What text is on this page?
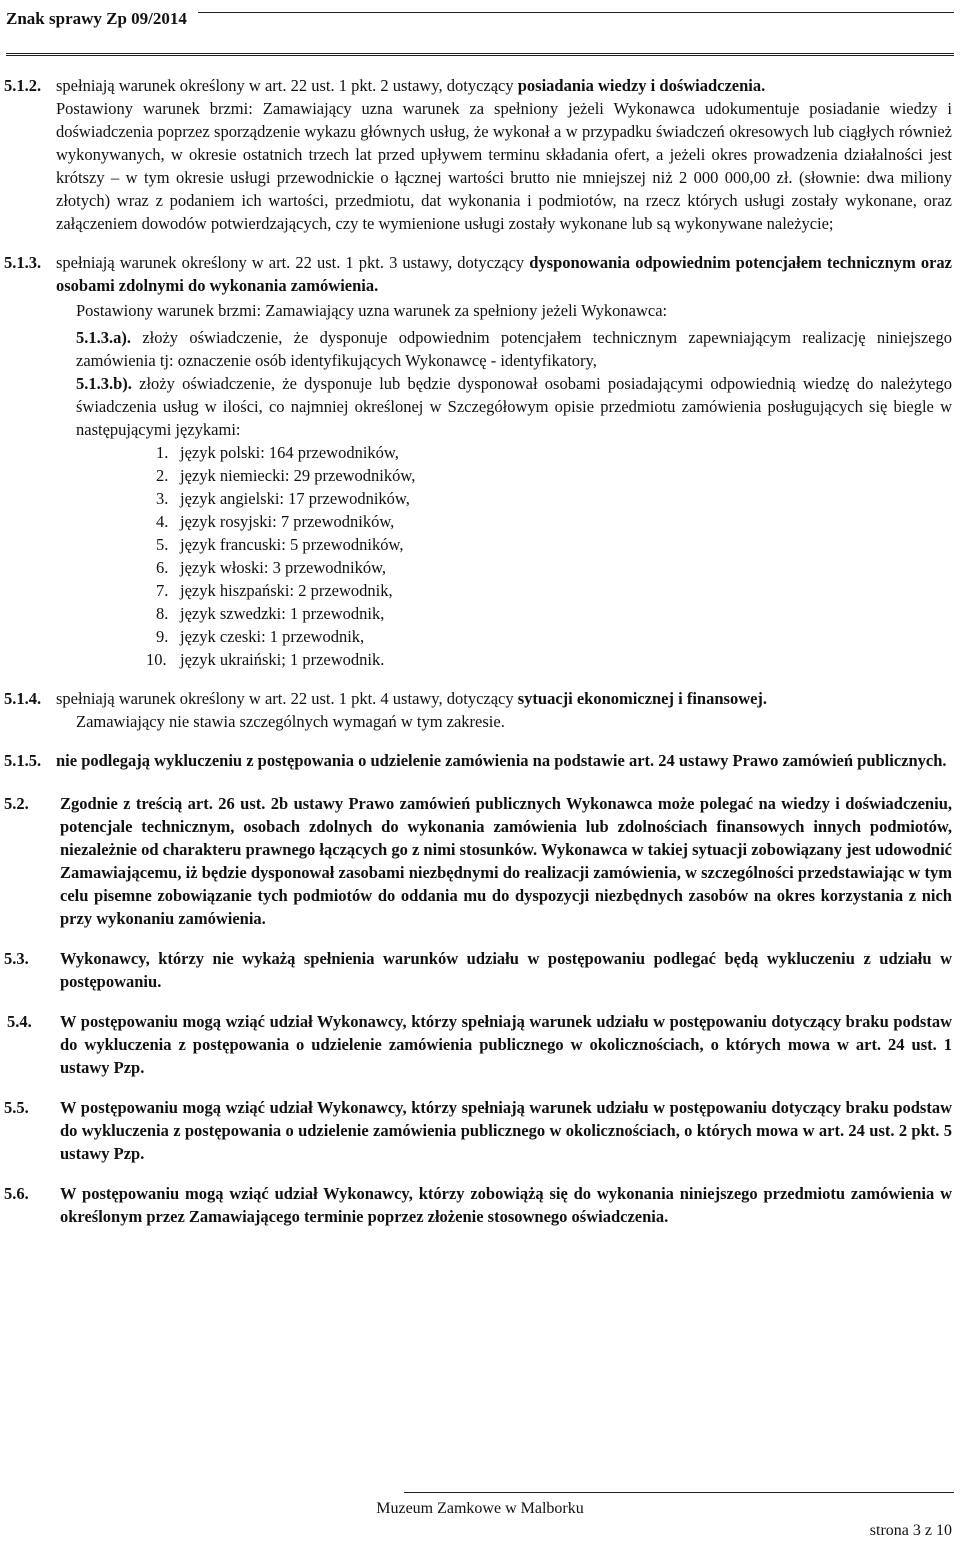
Znak sprawy Zp 09/2014
5.1.2. spełniają warunek określony w art. 22 ust. 1 pkt. 2 ustawy, dotyczący posiadania wiedzy i doświadczenia.

Postawiony warunek brzmi: Zamawiający uzna warunek za spełniony jeżeli Wykonawca udokumentuje posiadanie wiedzy i doświadczenia poprzez sporządzenie wykazu głównych usług, że wykonał a w przypadku świadczeń okresowych lub ciągłych również wykonywanych, w okresie ostatnich trzech lat przed upływem terminu składania ofert, a jeżeli okres prowadzenia działalności jest krótszy – w tym okresie usługi przewodnickie o łącznej wartości brutto nie mniejszej niż 2 000 000,00 zł. (słownie: dwa miliony złotych) wraz z podaniem ich wartości, przedmiotu, dat wykonania i podmiotów, na rzecz których usługi zostały wykonane, oraz załączeniem dowodów potwierdzających, czy te wymienione usługi zostały wykonane lub są wykonywane należycie;

5.1.3. spełniają warunek określony w art. 22 ust. 1 pkt. 3 ustawy, dotyczący dysponowania odpowiednim potencjałem technicznym oraz osobami zdolnymi do wykonania zamówienia.

Postawiony warunek brzmi: Zamawiający uzna warunek za spełniony jeżeli Wykonawca:

5.1.3.a). złoży oświadczenie, że dysponuje odpowiednim potencjałem technicznym zapewniającym realizację niniejszego zamówienia tj: oznaczenie osób identyfikujących Wykonawcę - identyfikatory,

5.1.3.b). złoży oświadczenie, że dysponuje lub będzie dysponował osobami posiadającymi odpowiednią wiedzę do należytego świadczenia usług w ilości, co najmniej określonej w Szczegółowym opisie przedmiotu zamówienia posługujących się biegle w następującymi językami:

1. język polski: 164 przewodników,
2. język niemiecki: 29 przewodników,
3. język angielski: 17 przewodników,
4. język rosyjski: 7 przewodników,
5. język francuski: 5 przewodników,
6. język włoski: 3 przewodników,
7. język hiszpański: 2 przewodnik,
8. język szwedzki: 1 przewodnik,
9. język czeski: 1 przewodnik,
10. język ukraiński; 1 przewodnik.
5.1.4. spełniają warunek określony w art. 22 ust. 1 pkt. 4 ustawy, dotyczący sytuacji ekonomicznej i finansowej.

Zamawiający nie stawia szczególnych wymagań w tym zakresie.

5.1.5. nie podlegają wykluczeniu z postępowania o udzielenie zamówienia na podstawie art. 24 ustawy Prawo zamówień publicznych.

5.2. Zgodnie z treścią art. 26 ust. 2b ustawy Prawo zamówień publicznych Wykonawca może polegać na wiedzy i doświadczeniu, potencjale technicznym, osobach zdolnych do wykonania zamówienia lub zdolnościach finansowych innych podmiotów, niezależnie od charakteru prawnego łączących go z nimi stosunków. Wykonawca w takiej sytuacji zobowiązany jest udowodnić Zamawiającemu, iż będzie dysponował zasobami niezbędnymi do realizacji zamówienia, w szczególności przedstawiając w tym celu pisemne zobowiązanie tych podmiotów do oddania mu do dyspozycji niezbędnych zasobów na okres korzystania z nich przy wykonaniu zamówienia.

5.3. Wykonawcy, którzy nie wykażą spełnienia warunków udziału w postępowaniu podlegać będą wykluczeniu z udziału w postępowaniu.

5.4. W postępowaniu mogą wziąć udział Wykonawcy, którzy spełniają warunek udziału w postępowaniu dotyczący braku podstaw do wykluczenia z postępowania o udzielenie zamówienia publicznego w okolicznościach, o których mowa w art. 24 ust. 1 ustawy Pzp.

5.5. W postępowaniu mogą wziąć udział Wykonawcy, którzy spełniają warunek udziału w postępowaniu dotyczący braku podstaw do wykluczenia z postępowania o udzielenie zamówienia publicznego w okolicznościach, o których mowa w art. 24 ust. 2 pkt. 5 ustawy Pzp.

5.6. W postępowaniu mogą wziąć udział Wykonawcy, którzy zobowiążą się do wykonania niniejszego przedmiotu zamówienia w określonym przez Zamawiającego terminie poprzez złożenie stosownego oświadczenia.

Muzeum Zamkowe w Malborku
strona 3 z 10
